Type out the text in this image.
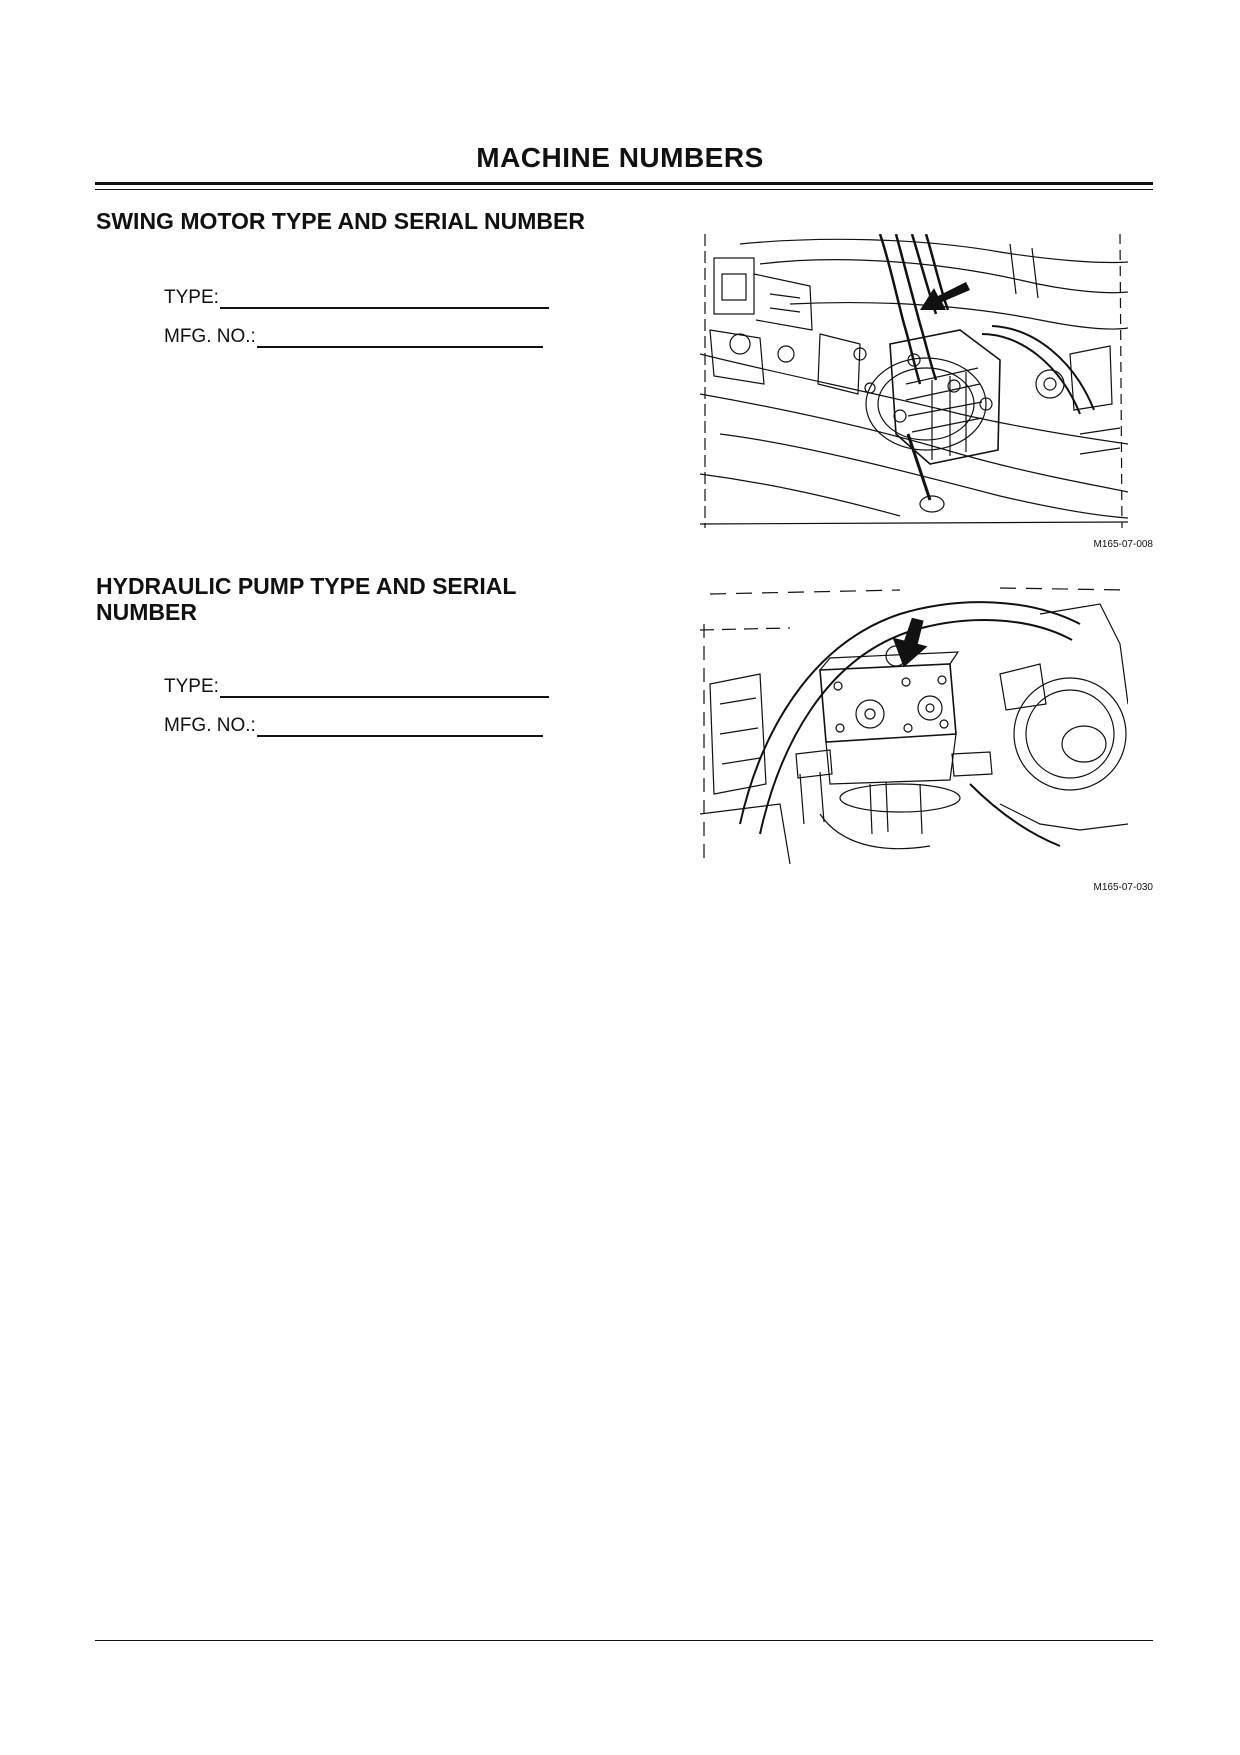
MACHINE NUMBERS
SWING MOTOR TYPE AND SERIAL NUMBER
TYPE:
MFG. NO.:
M165-07-008
HYDRAULIC PUMP TYPE AND SERIAL NUMBER
TYPE:
MFG. NO.:
M165-07-030
